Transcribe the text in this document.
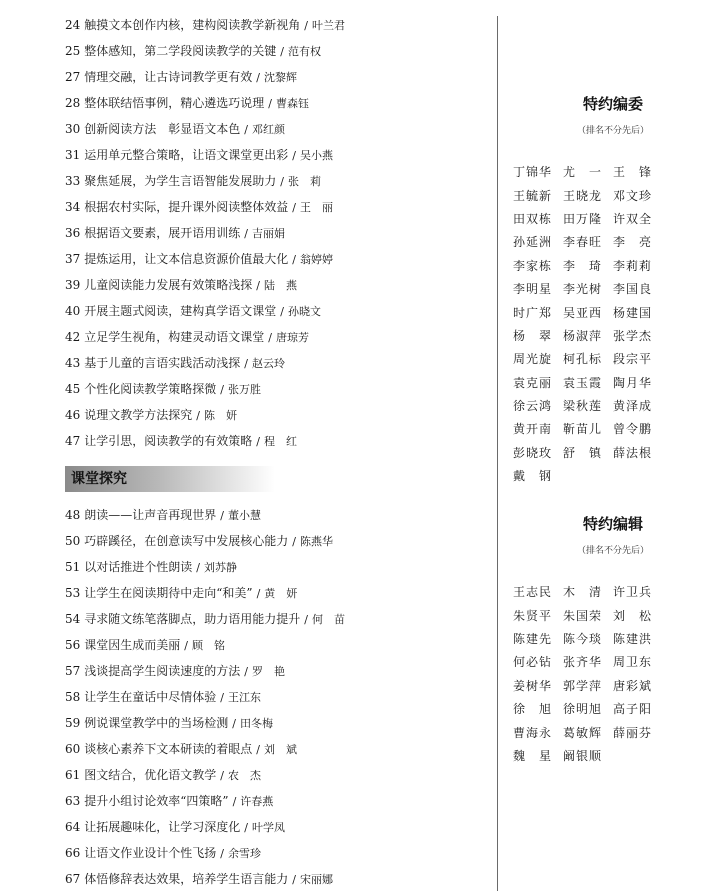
24 触摸文本创作内核，建构阅读教学新视角 / 叶兰君
25 整体感知，第二学段阅读教学的关键 / 范有权
27 情理交融，让古诗词教学更有效 / 沈黎辉
28 整体联结悟事例，精心遴选巧说理 / 曹森钰
30 创新阅读方法　彰显语文本色 / 邓红颜
31 运用单元整合策略，让语文课堂更出彩 / 吴小燕
33 聚焦延展，为学生言语智能发展助力 / 张　莉
34 根据农村实际，提升课外阅读整体效益 / 王　丽
36 根据语文要素，展开语用训练 / 吉丽娟
37 提炼运用，让文本信息资源价值最大化 / 翁婷婷
39 儿童阅读能力发展有效策略浅探 / 陆　燕
40 开展主题式阅读，建构真学语文课堂 / 孙晓文
42 立足学生视角，构建灵动语文课堂 / 唐琼芳
43 基于儿童的言语实践活动浅探 / 赵云玲
45 个性化阅读教学策略探微 / 张万胜
46 说理文教学方法探究 / 陈　妍
47 让学引思，阅读教学的有效策略 / 程　红
课堂探究
48 朗读——让声音再现世界 / 董小慧
50 巧辟蹊径，在创意读写中发展核心能力 / 陈燕华
51 以对话推进个性朗读 / 刘苏静
53 让学生在阅读期待中走向“和美” / 黄　妍
54 寻求随文练笔落脚点，助力语用能力提升 / 何　苗
56 课堂因生成而美丽 / 顾　铭
57 浅谈提高学生阅读速度的方法 / 罗　艳
58 让学生在童话中尽情体验 / 王江东
59 例说课堂教学中的当场检测 / 田冬梅
60 谈核心素养下文本研读的着眼点 / 刘　斌
61 图文结合，优化语文教学 / 农　杰
63 提升小组讨论效率“四策略” / 许春燕
64 让拓展趣味化，让学习深度化 / 叶学凤
66 让语文作业设计个性飞扬 / 余雪珍
67 体悟修辞表达效果，培养学生语言能力 / 宋丽娜
特约编委
（排名不分先后）
丁锦华 尤　一 王　锋
王毓新 王晓龙 邓文珍
田双栋 田万隆 许双全
孙延洲 李春旺 李　亮
李家栋 李　琦 李莉莉
李明星 李光树 李国良
时广郑 吴亚西 杨建国
杨　翠 杨淑萍 张学杰
周光旋 柯孔标 段宗平
袁克丽 袁玉霞 陶月华
徐云鸿 梁秋莲 黄泽成
黄开南 靳苗儿 曾令鹏
彭晓玫 舒　镇 薛法根
戴　钢
特约编辑
（排名不分先后）
王志民 木　清 许卫兵
朱贤平 朱国荣 刘　松
陈建先 陈今琰 陈建洪
何必钻 张齐华 周卫东
姜树华 郭学萍 唐彩斌
徐　旭 徐明旭 高子阳
曹海永 葛敏辉 薛丽芬
魏　星 阚银顺
